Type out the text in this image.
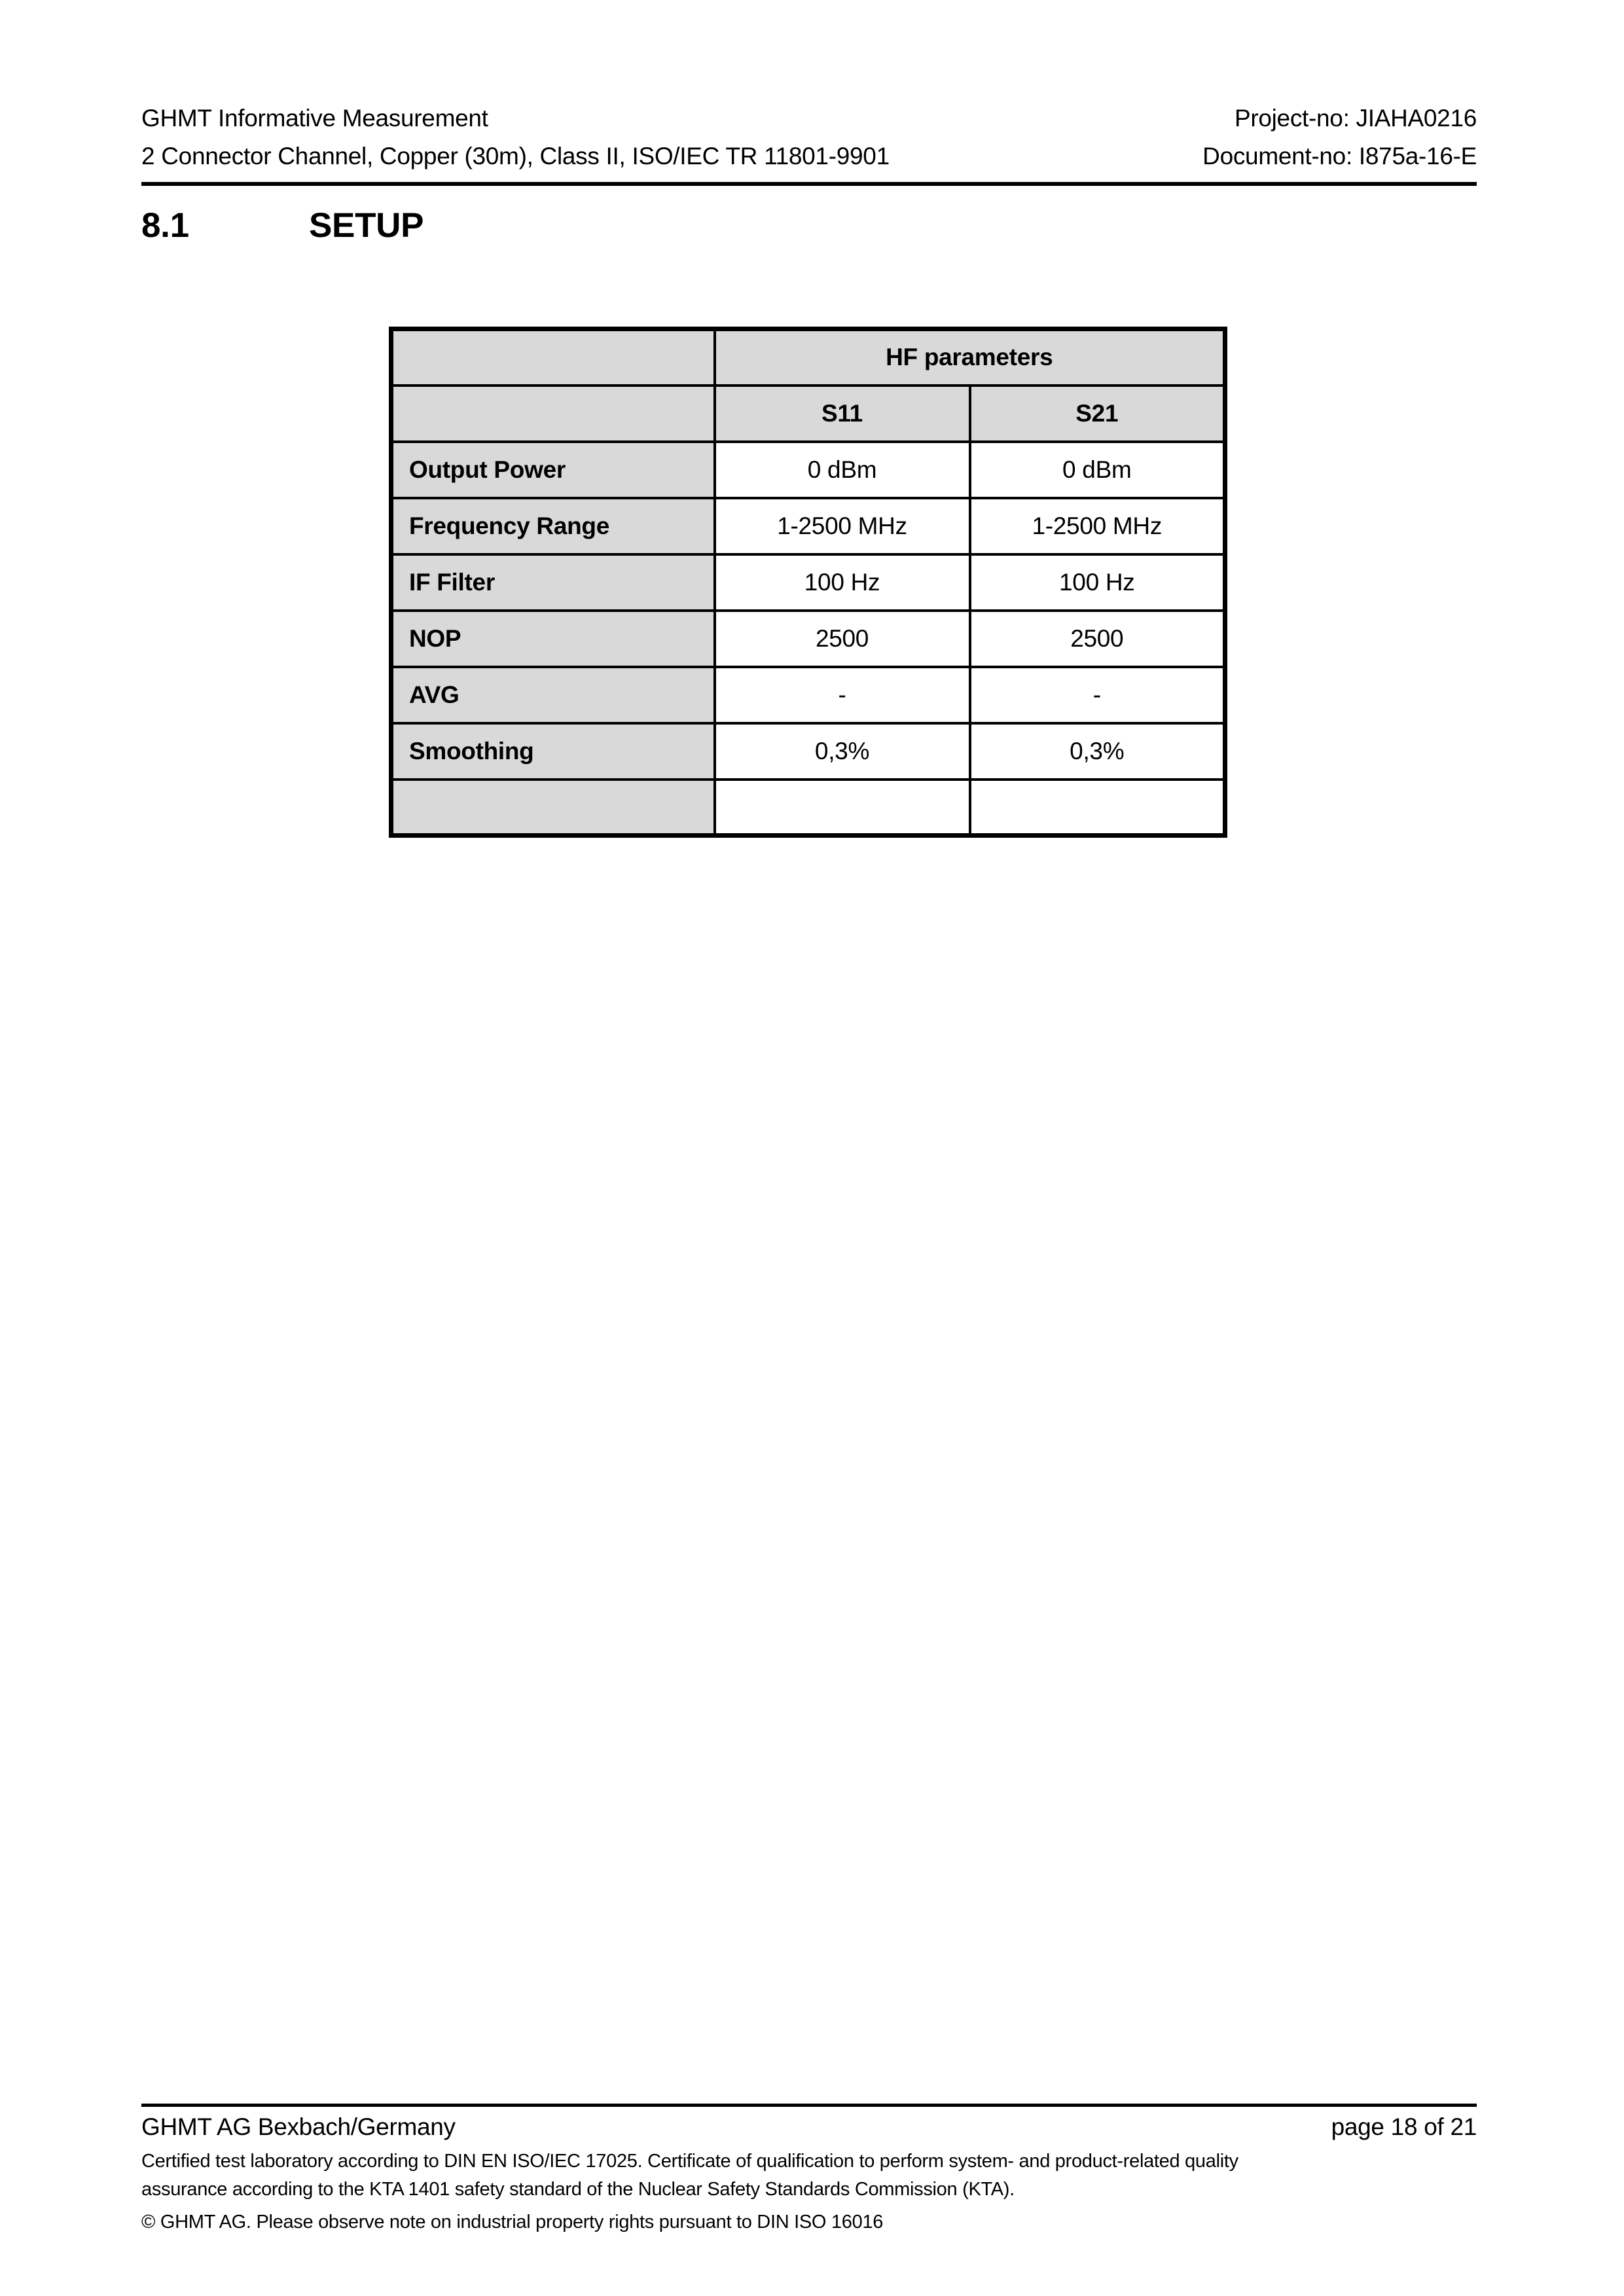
GHMT Informative Measurement	Project-no: JIAHA0216
2 Connector Channel, Copper (30m), Class II, ISO/IEC TR 11801-9901	Document-no: I875a-16-E
8.1	SETUP
	HF parameters	
	S11	S21
Output Power	0 dBm	0 dBm
Frequency Range	1-2500 MHz	1-2500 MHz
IF Filter	100 Hz	100 Hz
NOP	2500	2500
AVG	-	-
Smoothing	0,3%	0,3%

GHMT AG Bexbach/Germany	page 18 of 21
Certified test laboratory according to DIN EN ISO/IEC 17025. Certificate of qualification to perform system- and product-related quality
assurance according to the KTA 1401 safety standard of the Nuclear Safety Standards Commission (KTA).
© GHMT AG. Please observe note on industrial property rights pursuant to DIN ISO 16016
